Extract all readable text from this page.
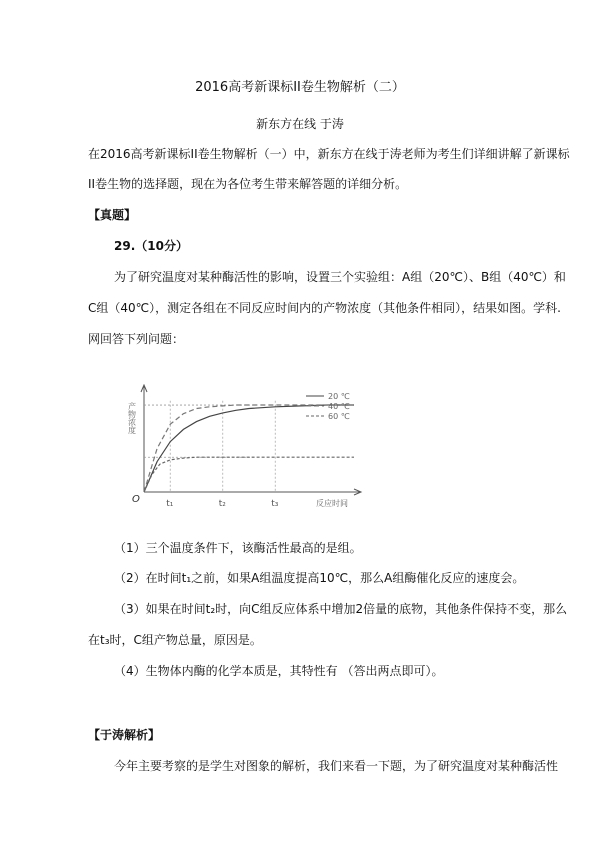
2016高考新课标II卷生物解析（二）
新东方在线 于涛
在2016高考新课标II卷生物解析（一）中，新东方在线于涛老师为考生们详细讲解了新课标
II卷生物的选择题，现在为各位考生带来解答题的详细分析。
【真题】
29.（10分）
为了研究温度对某种酶活性的影响，设置三个实验组：A组（20℃）、B组（40℃）和
C组（40℃），测定各组在不同反应时间内的产物浓度（其他条件相同），结果如图。学科.
网回答下列问题：
20 ℃
40 ℃
60 ℃
产物浓度
O	t₁	t₂	t₃	反应时间
（1）三个温度条件下，该酶活性最高的是组。
（2）在时间t₁之前，如果A组温度提高10℃，那么A组酶催化反应的速度会。
（3）如果在时间t₂时，向C组反应体系中增加2倍量的底物，其他条件保持不变，那么
在t₃时，C组产物总量，原因是。
（4）生物体内酶的化学本质是，其特性有 （答出两点即可）。
【于涛解析】
今年主要考察的是学生对图象的解析，我们来看一下题，为了研究温度对某种酶活性
